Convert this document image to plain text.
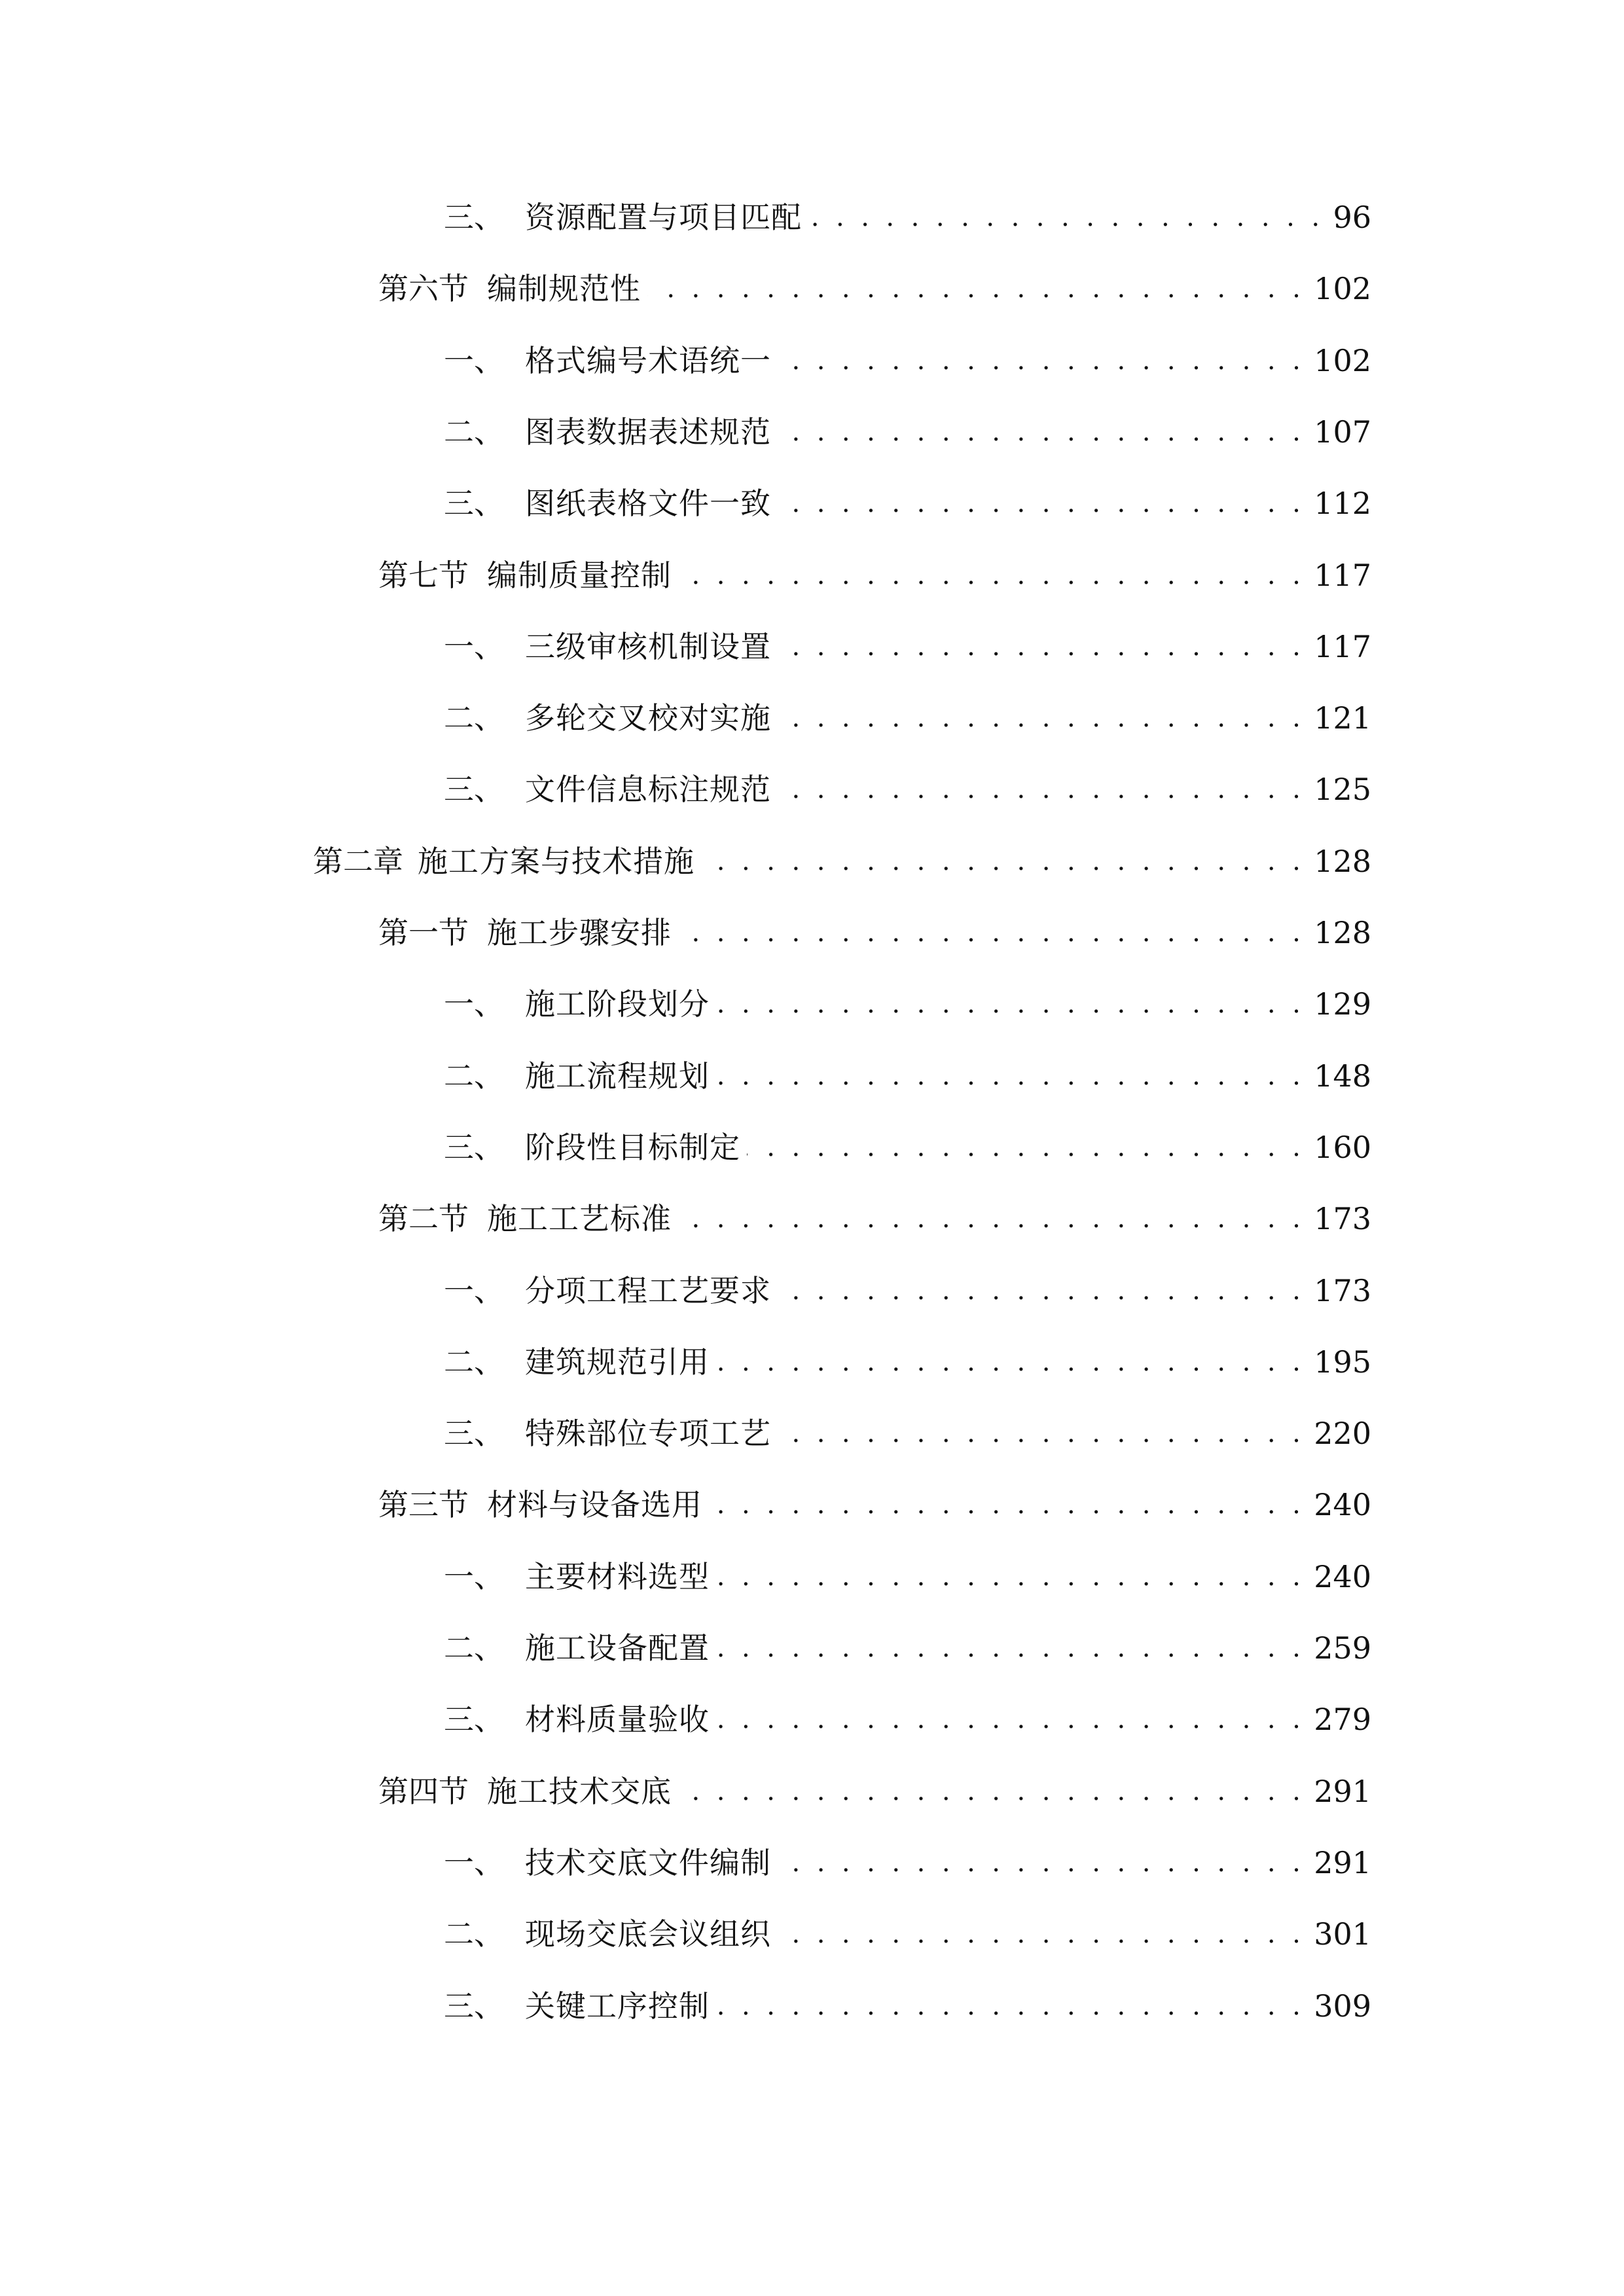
三、 资源配置与项目匹配 . . .	96
第六节 编制规范性 . . .	102
一、 格式编号术语统一 . . .	102
二、 图表数据表述规范 . . .	107
三、 图纸表格文件一致 . . .	112
第七节 编制质量控制 . . .	117
一、 三级审核机制设置 . . .	117
二、 多轮交叉校对实施 . . .	121
三、 文件信息标注规范 . . .	125
第二章 施工方案与技术措施 . . .	128
第一节 施工步骤安排 . . .	128
一、 施工阶段划分 . . .	129
二、 施工流程规划 . . .	148
三、 阶段性目标制定 . . .	160
第二节 施工工艺标准 . . .	173
一、 分项工程工艺要求 . . .	173
二、 建筑规范引用 . . .	195
三、 特殊部位专项工艺 . . .	220
第三节 材料与设备选用 . . .	240
一、 主要材料选型 . . .	240
二、 施工设备配置 . . .	259
三、 材料质量验收 . . .	279
第四节 施工技术交底 . . .	291
一、 技术交底文件编制 . . .	291
二、 现场交底会议组织 . . .	301
三、 关键工序控制 . . .	309
